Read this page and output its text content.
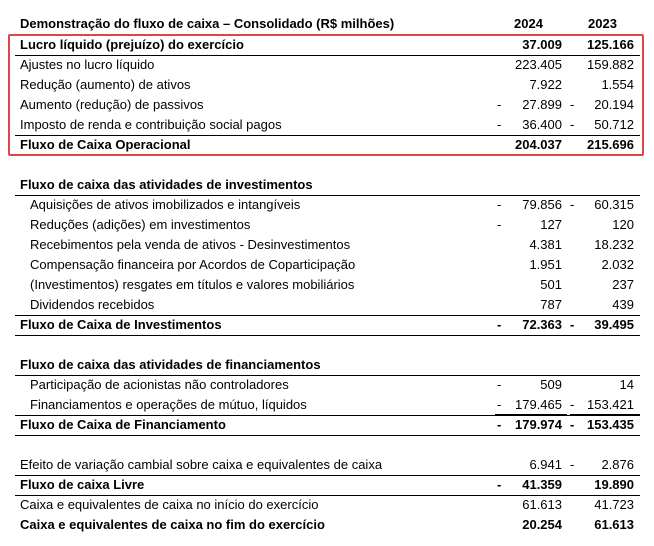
Demonstração do fluxo de caixa – Consolidado (R$ milhões)	2024	2023
Lucro líquido (prejuízo) do exercício	37.009 125.166
Ajustes no lucro líquido	223.405 159.882
Redução (aumento) de ativos	7.922	1.554
Aumento (redução) de passivos	- 27.899 - 20.194
Imposto de renda e contribuição social pagos	- 36.400 - 50.712
Fluxo de Caixa Operacional	204.037 215.696
Fluxo de caixa das atividades de investimentos
Aquisições de ativos imobilizados e intangíveis	- 79.856 - 60.315
Reduções (adições) em investimentos	-	127	120
Recebimentos pela venda de ativos - Desinvestimentos	4.381 18.232
Compensação financeira por Acordos de Coparticipação	1.951	2.032
(Investimentos) resgates em títulos e valores mobiliários	501	237
Dividendos recebidos	787	439
Fluxo de Caixa de Investimentos	- 72.363 - 39.495
Fluxo de caixa das atividades de financiamentos
Participação de acionistas não controladores	-	509	14
Financiamentos e operações de mútuo, líquidos	- 179.465 - 153.421
Fluxo de Caixa de Financiamento	- 179.974 - 153.435
Efeito de variação cambial sobre caixa e equivalentes de caixa	6.941 - 2.876
Fluxo de caixa Livre	- 41.359 19.890
Caixa e equivalentes de caixa no início do exercício	61.613 41.723
Caixa e equivalentes de caixa no fim do exercício	20.254 61.613
